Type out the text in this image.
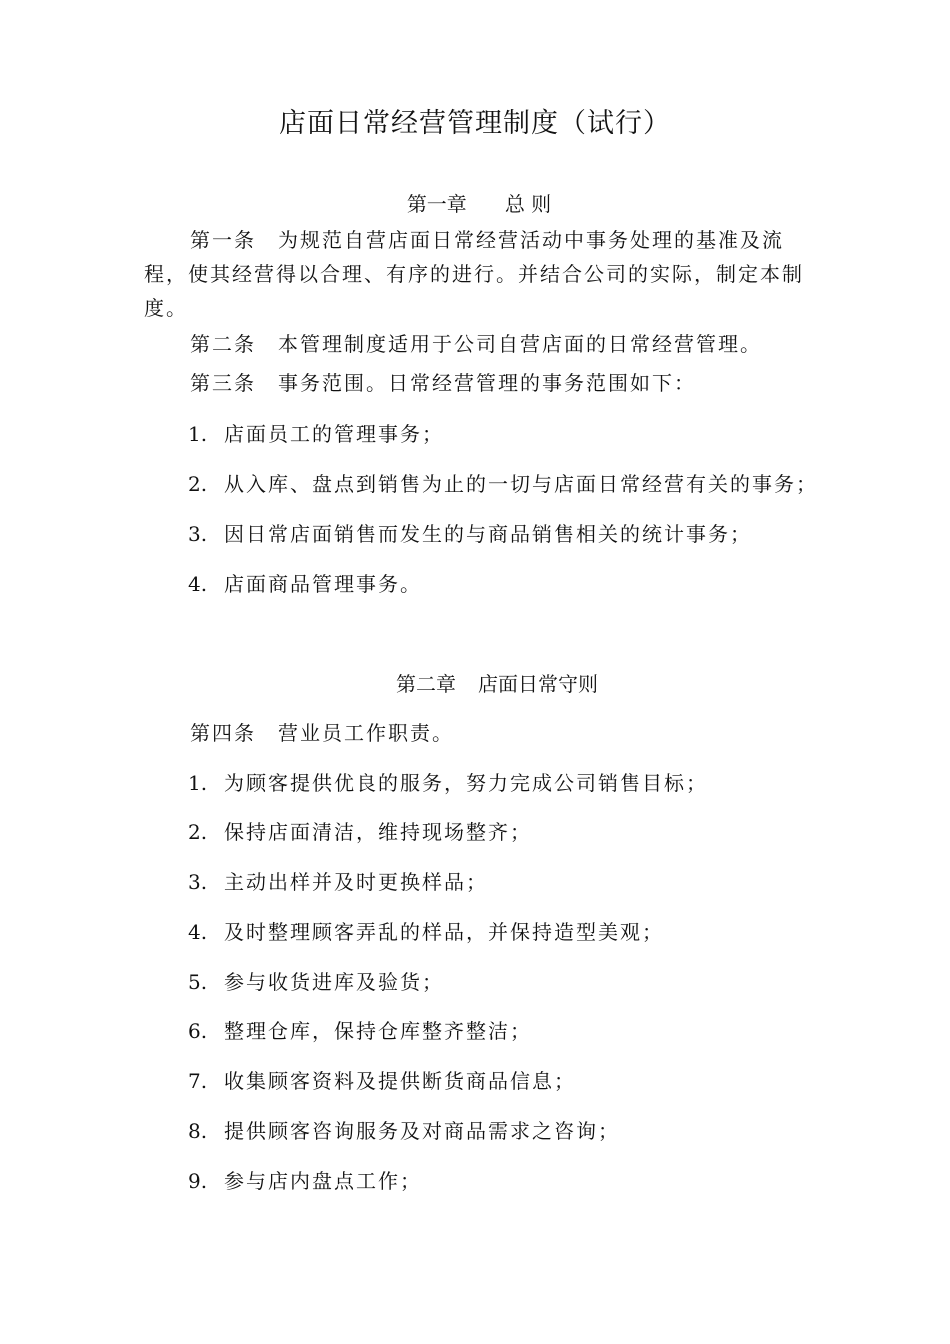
店面日常经营管理制度（试行）
第一章 总 则
第一条 为规范自营店面日常经营活动中事务处理的基准及流程，使其经营得以合理、有序的进行。并结合公司的实际，制定本制度。
第二条 本管理制度适用于公司自营店面的日常经营管理。
第三条 事务范围。日常经营管理的事务范围如下：
1. 店面员工的管理事务；
2. 从入库、盘点到销售为止的一切与店面日常经营有关的事务；
3. 因日常店面销售而发生的与商品销售相关的统计事务；
4. 店面商品管理事务。
第二章 店面日常守则
第四条 营业员工作职责。
1. 为顾客提供优良的服务，努力完成公司销售目标；
2. 保持店面清洁，维持现场整齐；
3. 主动出样并及时更换样品；
4. 及时整理顾客弄乱的样品，并保持造型美观；
5. 参与收货进库及验货；
6. 整理仓库，保持仓库整齐整洁；
7. 收集顾客资料及提供断货商品信息；
8. 提供顾客咨询服务及对商品需求之咨询；
9. 参与店内盘点工作；
